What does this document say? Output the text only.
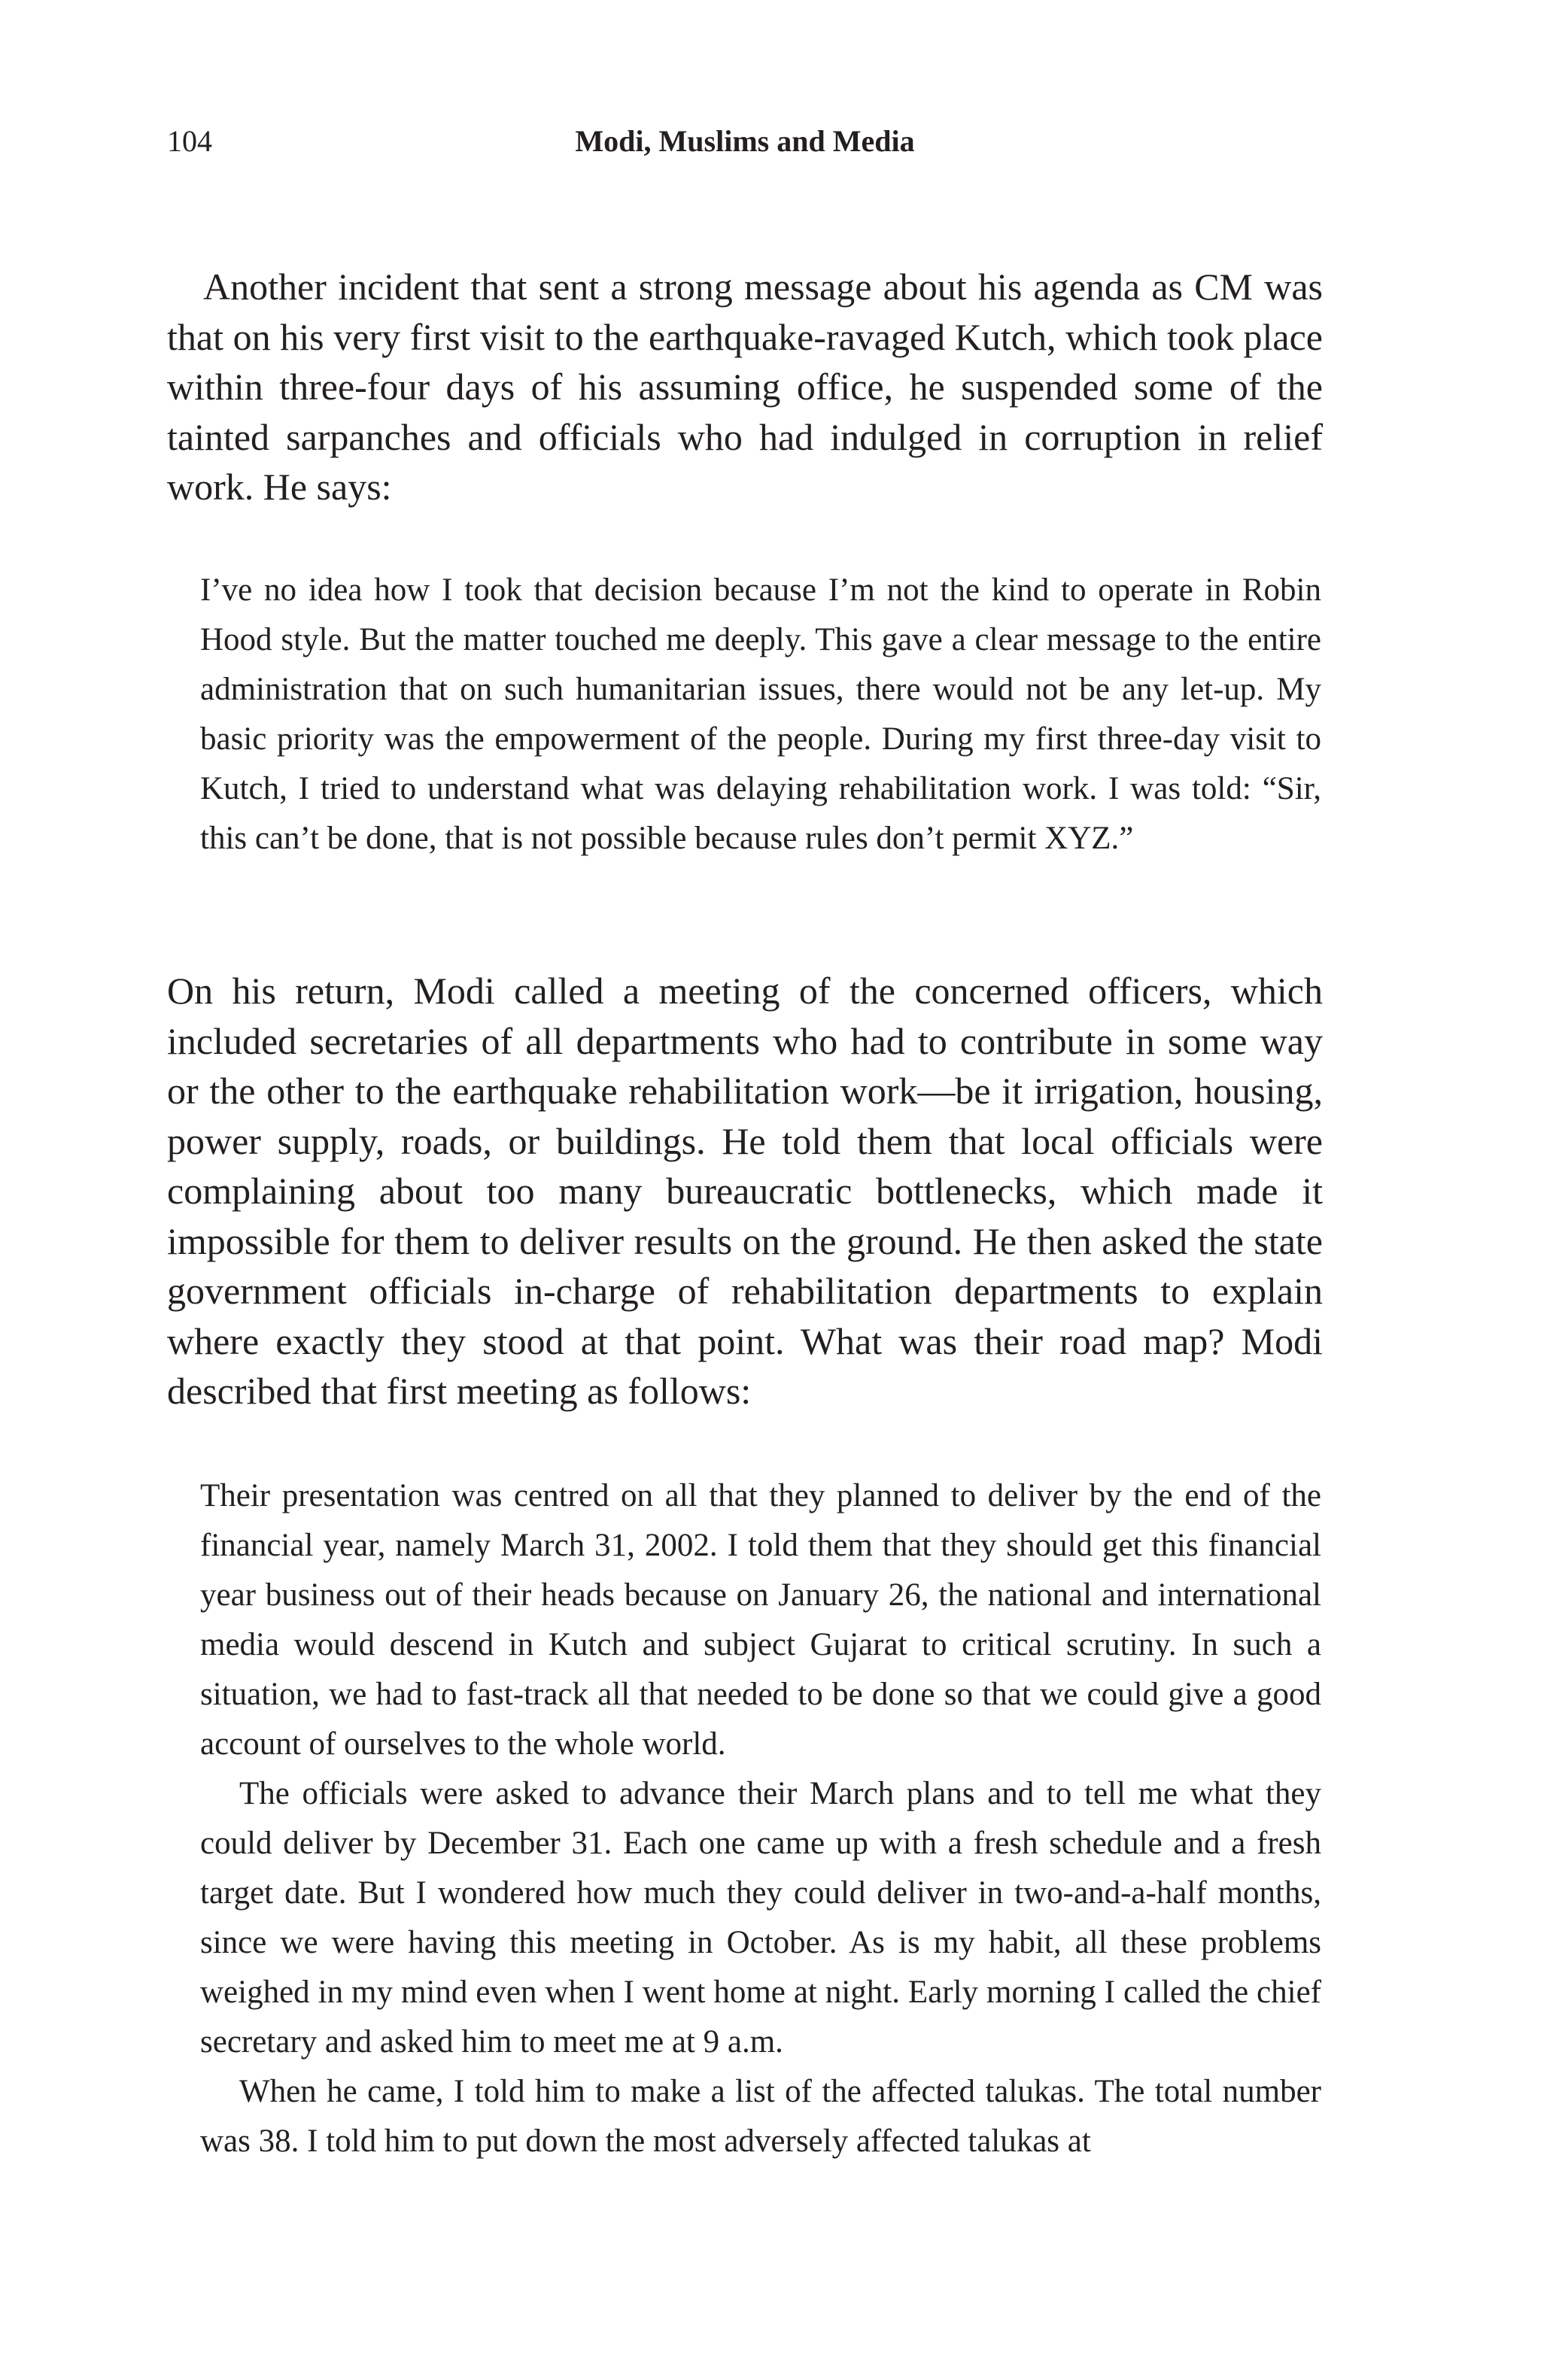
104	Modi, Muslims and Media

Another incident that sent a strong message about his agenda as CM was that on his very first visit to the earthquake-ravaged Kutch, which took place within three-four days of his assuming office, he suspended some of the tainted sarpanches and officials who had indulged in corruption in relief work. He says:

I’ve no idea how I took that decision because I’m not the kind to operate in Robin Hood style. But the matter touched me deeply. This gave a clear message to the entire administration that on such humanitarian issues, there would not be any let-up. My basic priority was the empowerment of the people. During my first three-day visit to Kutch, I tried to understand what was delaying rehabilitation work. I was told: “Sir, this can’t be done, that is not possible because rules don’t permit XYZ.”

On his return, Modi called a meeting of the concerned officers, which included secretaries of all departments who had to contribute in some way or the other to the earthquake rehabilitation work—be it irrigation, housing, power supply, roads, or buildings. He told them that local officials were complaining about too many bureaucratic bottlenecks, which made it impossible for them to deliver results on the ground. He then asked the state government officials in-charge of rehabilitation departments to explain where exactly they stood at that point. What was their road map? Modi described that first meeting as follows:

Their presentation was centred on all that they planned to deliver by the end of the financial year, namely March 31, 2002. I told them that they should get this financial year business out of their heads because on January 26, the national and international media would descend in Kutch and subject Gujarat to critical scrutiny. In such a situation, we had to fast-track all that needed to be done so that we could give a good account of ourselves to the whole world.

The officials were asked to advance their March plans and to tell me what they could deliver by December 31. Each one came up with a fresh schedule and a fresh target date. But I wondered how much they could deliver in two-and-a-half months, since we were having this meeting in October. As is my habit, all these problems weighed in my mind even when I went home at night. Early morning I called the chief secretary and asked him to meet me at 9 a.m.

When he came, I told him to make a list of the affected talukas. The total number was 38. I told him to put down the most adversely affected talukas at
